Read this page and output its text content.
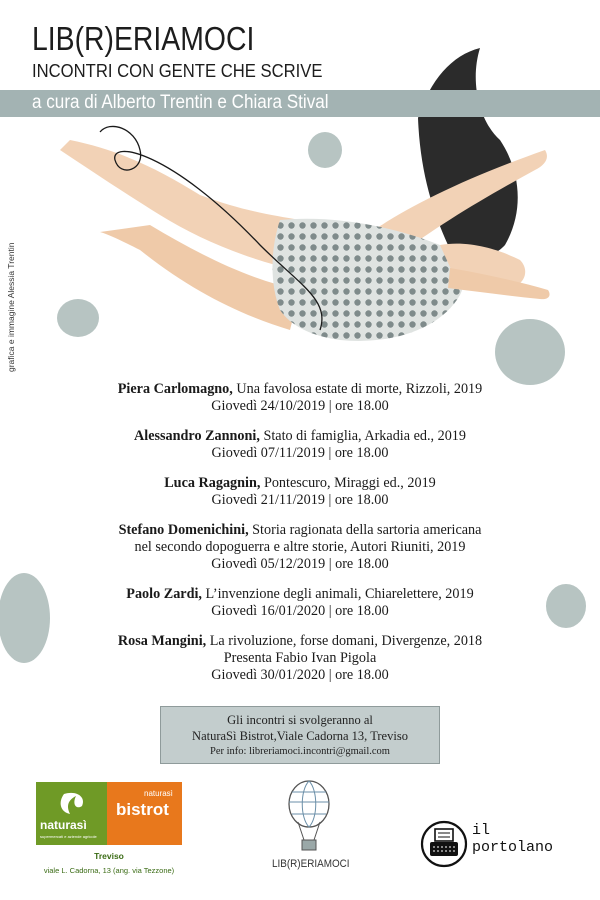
LIB(R)ERIAMOCI
INCONTRI CON GENTE CHE SCRIVE
a cura di Alberto Trentin e Chiara Stival
grafica e immagine Alessia Trentin
Piera Carlomagno, Una favolosa estate di morte, Rizzoli, 2019
Giovedì 24/10/2019 | ore 18.00
Alessandro Zannoni, Stato di famiglia, Arkadia ed., 2019
Giovedì 07/11/2019 | ore 18.00
Luca Ragagnin, Pontescuro, Miraggi ed., 2019
Giovedì 21/11/2019 | ore 18.00
Stefano Domenichini, Storia ragionata della sartoria americana
nel secondo dopoguerra e altre storie, Autori Riuniti, 2019
Giovedì 05/12/2019 | ore 18.00
Paolo Zardi, L’invenzione degli animali, Chiarelettere, 2019
Giovedì 16/01/2020 | ore 18.00
Rosa Mangini, La rivoluzione, forse domani, Divergenze, 2018
Presenta Fabio Ivan Pigola
Giovedì 30/01/2020 | ore 18.00
Gli incontri si svolgeranno al
NaturaSì Bistrot,Viale Cadorna 13, Treviso
Per info: libreriamoci.incontri@gmail.com
naturasì
supermercati e aziende agricole
naturasì
bistrot
Treviso
viale L. Cadorna, 13 (ang. via Tezzone)
LIB(R)ERIAMOCI
il
portolano
